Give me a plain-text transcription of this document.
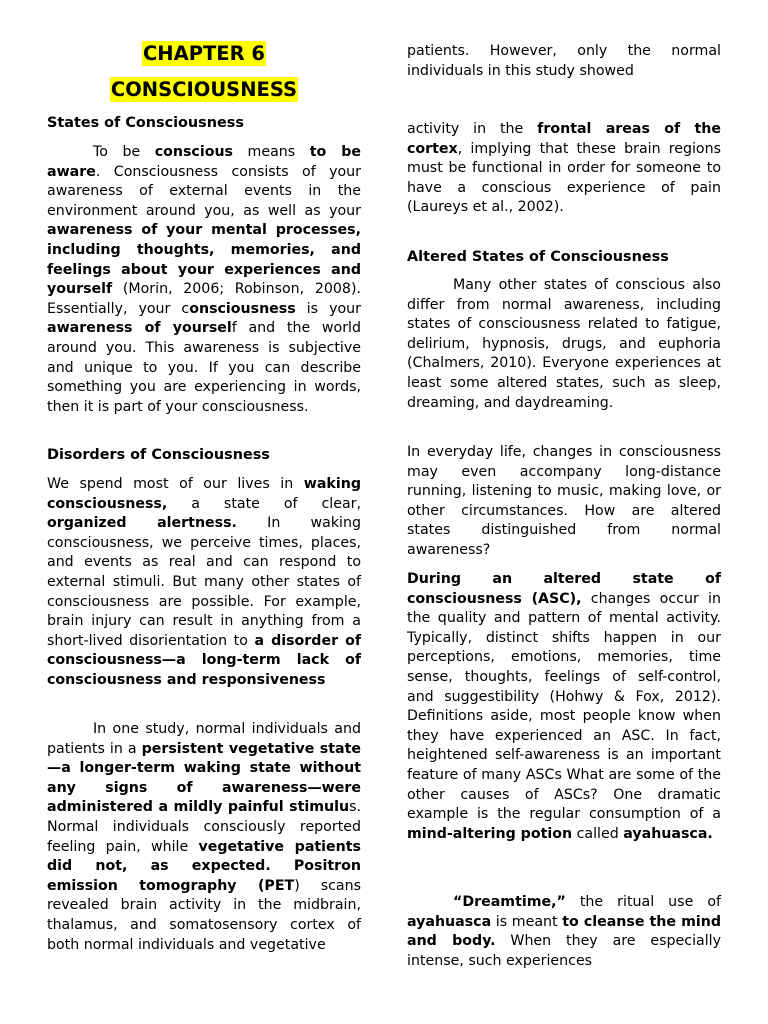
CHAPTER 6
CONSCIOUSNESS
States of Consciousness

To be conscious means to be aware. Consciousness consists of your awareness of external events in the environment around you, as well as your awareness of your mental processes, including thoughts, memories, and feelings about your experiences and yourself (Morin, 2006; Robinson, 2008). Essentially, your consciousness is your awareness of yourself and the world around you. This awareness is subjective and unique to you. If you can describe something you are experiencing in words, then it is part of your consciousness.

Disorders of Consciousness

We spend most of our lives in waking consciousness, a state of clear, organized alertness. In waking consciousness, we perceive times, places, and events as real and can respond to external stimuli. But many other states of consciousness are possible. For example, brain injury can result in anything from a short-lived disorientation to a disorder of consciousness—a long-term lack of consciousness and responsiveness

In one study, normal individuals and patients in a persistent vegetative state—a longer-term waking state without any signs of awareness—were administered a mildly painful stimulus. Normal individuals consciously reported feeling pain, while vegetative patients did not, as expected. Positron emission tomography (PET) scans revealed brain activity in the midbrain, thalamus, and somatosensory cortex of both normal individuals and vegetative

patients. However, only the normal individuals in this study showed

activity in the frontal areas of the cortex, implying that these brain regions must be functional in order for someone to have a conscious experience of pain (Laureys et al., 2002).

Altered States of Consciousness

Many other states of conscious also differ from normal awareness, including states of consciousness related to fatigue, delirium, hypnosis, drugs, and euphoria (Chalmers, 2010). Everyone experiences at least some altered states, such as sleep, dreaming, and daydreaming.

In everyday life, changes in consciousness may even accompany long-distance running, listening to music, making love, or other circumstances. How are altered states distinguished from normal awareness?

During an altered state of consciousness (ASC), changes occur in the quality and pattern of mental activity. Typically, distinct shifts happen in our perceptions, emotions, memories, time sense, thoughts, feelings of self-control, and suggestibility (Hohwy & Fox, 2012). Definitions aside, most people know when they have experienced an ASC. In fact, heightened self-awareness is an important feature of many ASCs What are some of the other causes of ASCs? One dramatic example is the regular consumption of a mind-altering potion called ayahuasca.

“Dreamtime,” the ritual use of ayahuasca is meant to cleanse the mind and body. When they are especially intense, such experiences
